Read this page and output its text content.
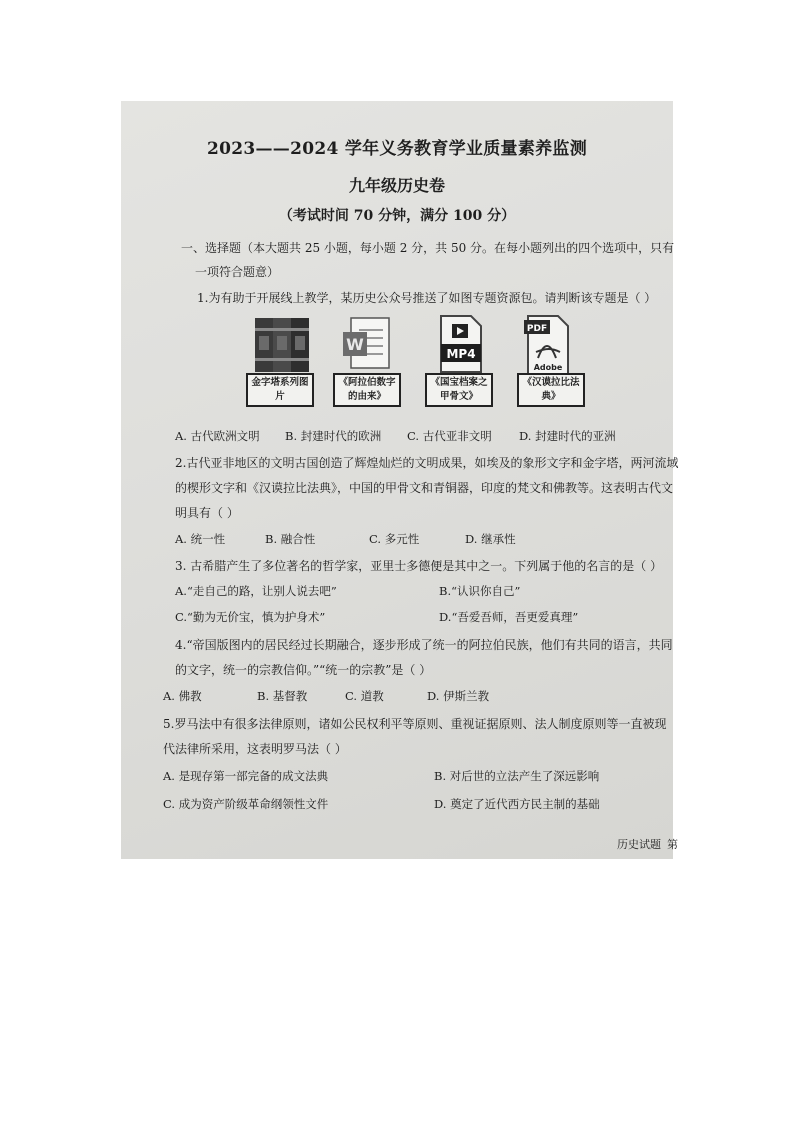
2023——2024 学年义务教育学业质量素养监测
九年级历史卷
（考试时间 70 分钟，满分 100 分）
一、选择题（本大题共 25 小题，每小题 2 分，共 50 分。在每小题列出的四个选项中，只有
一项符合题意）
1.为有助于开展线上教学，某历史公众号推送了如图专题资源包。请判断该专题是（ ）
金字塔系列图片
W
《阿拉伯数字的由来》
MP4
《国宝档案之甲骨文》
PDF
Adobe
《汉谟拉比法典》
A. 古代欧洲文明 B. 封建时代的欧洲 C. 古代亚非文明 D. 封建时代的亚洲
2.古代亚非地区的文明古国创造了辉煌灿烂的文明成果，如埃及的象形文字和金字塔，两河流域
的楔形文字和《汉谟拉比法典》，中国的甲骨文和青铜器，印度的梵文和佛教等。这表明古代文
明具有（ ）
A. 统一性	B. 融合性	C. 多元性	D. 继承性
3. 古希腊产生了多位著名的哲学家，亚里士多德便是其中之一。下列属于他的名言的是（ ）
A.“走自己的路，让别人说去吧”	B.“认识你自己”
C.“勤为无价宝，慎为护身术”	D.“吾爱吾师，吾更爱真理”
4.“帝国版图内的居民经过长期融合，逐步形成了统一的阿拉伯民族，他们有共同的语言，共同
的文字，统一的宗教信仰。”“统一的宗教”是（ ）
A. 佛教	B. 基督教	C. 道教	D. 伊斯兰教
5.罗马法中有很多法律原则，诸如公民权利平等原则、重视证据原则、法人制度原则等一直被现
代法律所采用，这表明罗马法（ ）
A. 是现存第一部完备的成文法典	B. 对后世的立法产生了深远影响
C. 成为资产阶级革命纲领性文件	D. 奠定了近代西方民主制的基础
历史试题 第
